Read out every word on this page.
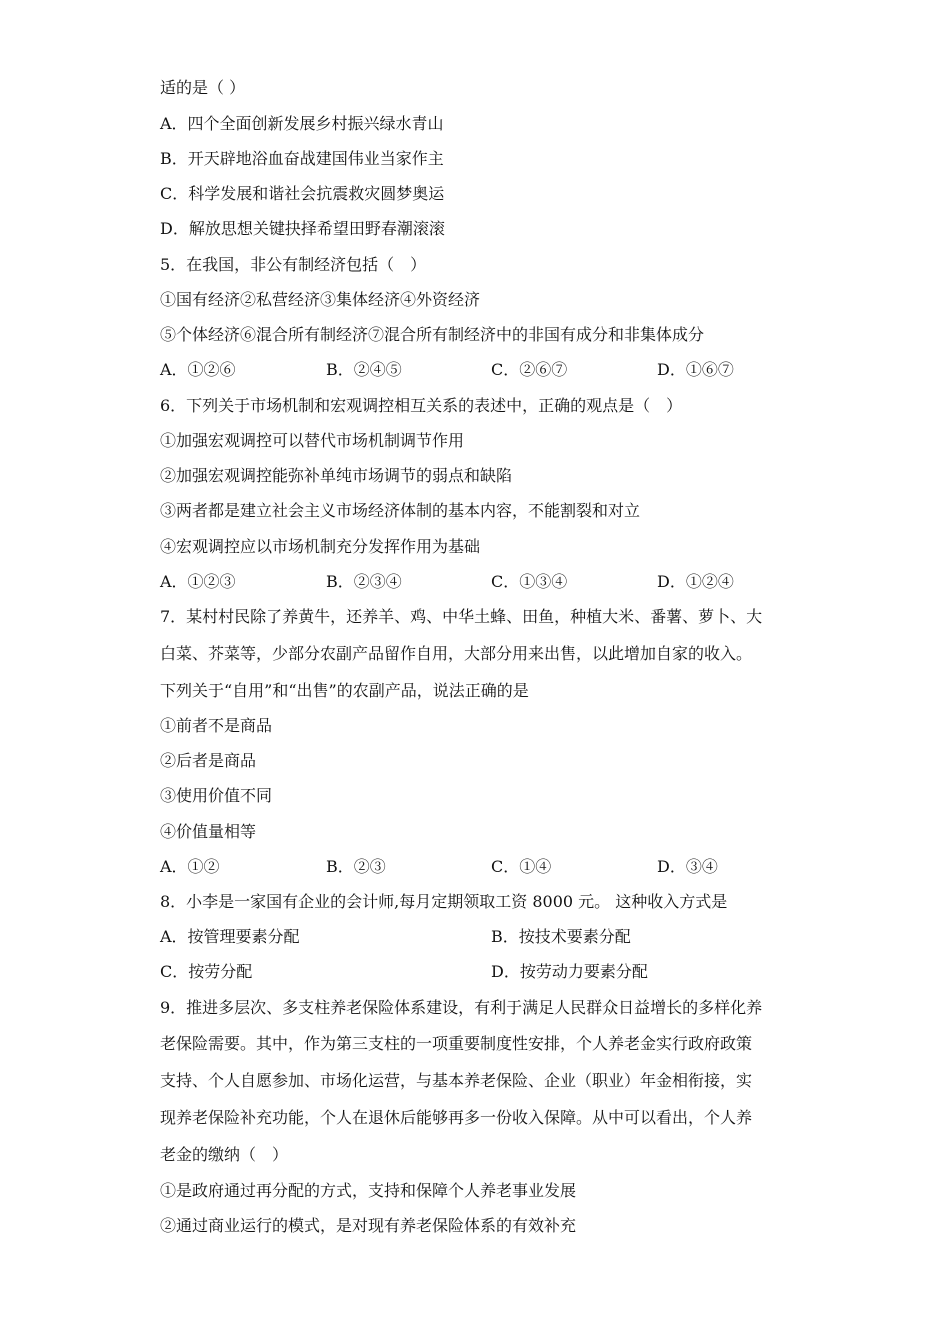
适的是（ ）
A．四个全面创新发展乡村振兴绿水青山
B．开天辟地浴血奋战建国伟业当家作主
C．科学发展和谐社会抗震救灾圆梦奥运
D．解放思想关键抉择希望田野春潮滚滚
5．在我国，非公有制经济包括（　）
①国有经济②私营经济③集体经济④外资经济
⑤个体经济⑥混合所有制经济⑦混合所有制经济中的非国有成分和非集体成分
A．①②⑥	B．②④⑤	C．②⑥⑦	D．①⑥⑦
6．下列关于市场机制和宏观调控相互关系的表述中，正确的观点是（　）
①加强宏观调控可以替代市场机制调节作用
②加强宏观调控能弥补单纯市场调节的弱点和缺陷
③两者都是建立社会主义市场经济体制的基本内容，不能割裂和对立
④宏观调控应以市场机制充分发挥作用为基础
A．①②③	B．②③④	C．①③④	D．①②④
7．某村村民除了养黄牛，还养羊、鸡、中华土蜂、田鱼，种植大米、番薯、萝卜、大
白菜、芥菜等，少部分农副产品留作自用，大部分用来出售，以此增加自家的收入。
下列关于“自用”和“出售”的农副产品，说法正确的是
①前者不是商品
②后者是商品
③使用价值不同
④价值量相等
A．①②	B．②③	C．①④	D．③④
8．小李是一家国有企业的会计师,每月定期领取工资 8000 元。 这种收入方式是
A．按管理要素分配	B．按技术要素分配
C．按劳分配	D．按劳动力要素分配
9．推进多层次、多支柱养老保险体系建设，有利于满足人民群众日益增长的多样化养
老保险需要。其中，作为第三支柱的一项重要制度性安排，个人养老金实行政府政策
支持、个人自愿参加、市场化运营，与基本养老保险、企业（职业）年金相衔接，实
现养老保险补充功能，个人在退休后能够再多一份收入保障。从中可以看出，个人养
老金的缴纳（　）
①是政府通过再分配的方式，支持和保障个人养老事业发展
②通过商业运行的模式，是对现有养老保险体系的有效补充
